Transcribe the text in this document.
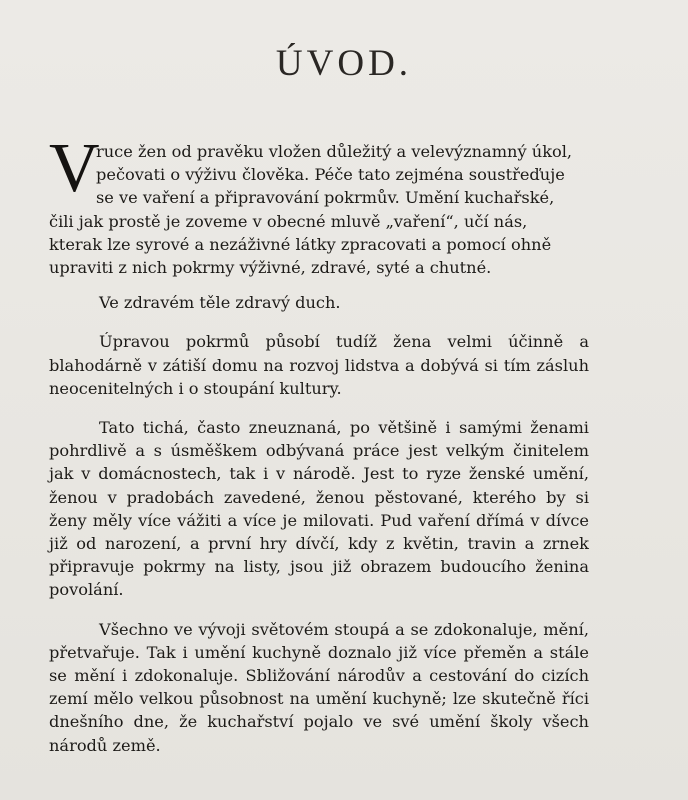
ÚVOD.
V
ruce žen od pravěku vložen důležitý a velevýznamný úkol,
pečovati o výživu člověka. Péče tato zejména soustřeďuje
se ve vaření a připravování pokrmův. Umění kuchařské,
čili jak prostě je zoveme v obecné mluvě „vaření“, učí nás,
kterak lze syrové a nezáživné látky zpracovati a pomocí ohně
upraviti z nich pokrmy výživné, zdravé, syté a chutné.

Ve zdravém těle zdravý duch.

Úpravou pokrmů působí tudíž žena velmi účinně a blahodárně v zátiší domu na rozvoj lidstva a dobývá si tím zásluh neocenitelných i o stoupání kultury.

Tato tichá, často zneuznaná, po většině i samými ženami pohrdlivě a s úsměškem odbývaná práce jest velkým činitelem jak v domácnostech, tak i v národě. Jest to ryze ženské umění, ženou v pradobách zavedené, ženou pěstované, kterého by si ženy měly více vážiti a více je milovati. Pud vaření dřímá v dívce již od narození, a první hry dívčí, kdy z květin, travin a zrnek připravuje pokrmy na listy, jsou již obrazem budoucího ženina povolání.

Všechno ve vývoji světovém stoupá a se zdokonaluje, mění, přetvařuje. Tak i umění kuchyně doznalo již více přeměn a stále se mění i zdokonaluje. Sbližování národův a cestování do cizích zemí mělo velkou působnost na umění kuchyně; lze skutečně říci dnešního dne, že kuchařství pojalo ve své umění školy všech národů země.
